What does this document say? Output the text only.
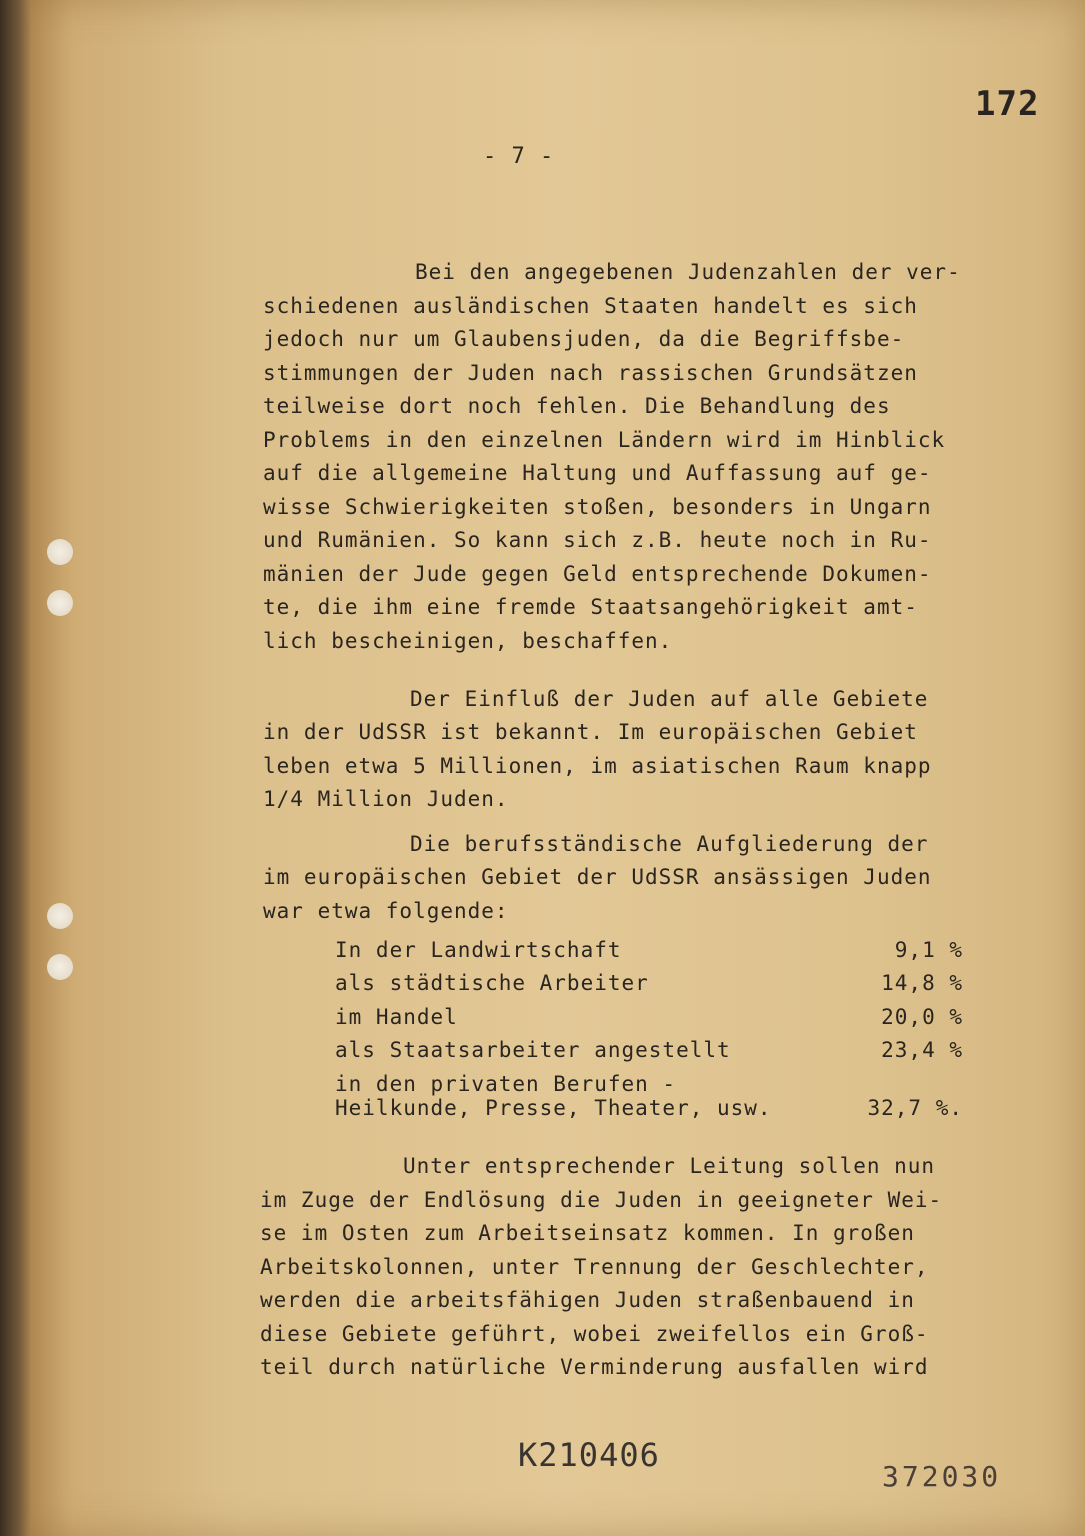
172
- 7 -
Bei den angegebenen Judenzahlen der ver-
schiedenen ausländischen Staaten handelt es sich
jedoch nur um Glaubensjuden, da die Begriffsbe-
stimmungen der Juden nach rassischen Grundsätzen
teilweise dort noch fehlen. Die Behandlung des
Problems in den einzelnen Ländern wird im Hinblick
auf die allgemeine Haltung und Auffassung auf ge-
wisse Schwierigkeiten stoßen, besonders in Ungarn
und Rumänien. So kann sich z.B. heute noch in Ru-
mänien der Jude gegen Geld entsprechende Dokumen-
te, die ihm eine fremde Staatsangehörigkeit amt-
lich bescheinigen, beschaffen.
Der Einfluß der Juden auf alle Gebiete
in der UdSSR ist bekannt. Im europäischen Gebiet
leben etwa 5 Millionen, im asiatischen Raum knapp
1/4 Million Juden.
Die berufsständische Aufgliederung der
im europäischen Gebiet der UdSSR ansässigen Juden
war etwa folgende:
In der Landwirtschaft	9,1 %
als städtische Arbeiter	14,8 %
im Handel	20,0 %
als Staatsarbeiter angestellt	23,4 %
in den privaten Berufen -
Heilkunde, Presse, Theater, usw.	32,7 %.
Unter entsprechender Leitung sollen nun
im Zuge der Endlösung die Juden in geeigneter Wei-
se im Osten zum Arbeitseinsatz kommen. In großen
Arbeitskolonnen, unter Trennung der Geschlechter,
werden die arbeitsfähigen Juden straßenbauend in
diese Gebiete geführt, wobei zweifellos ein Groß-
teil durch natürliche Verminderung ausfallen wird
K210406
372030
